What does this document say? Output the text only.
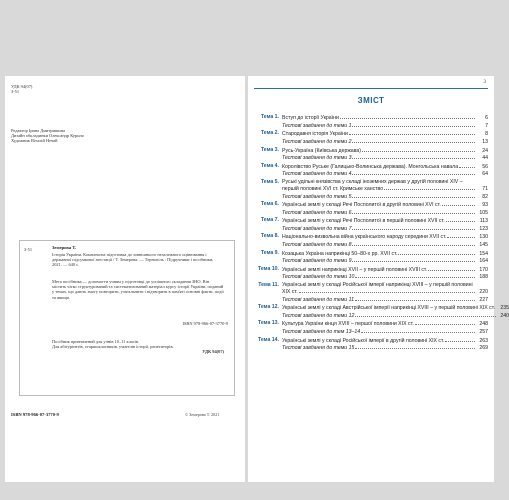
УДК 94(07)
З-51
Редактор Ірина Дмитришина
Дизайн обкладинки Олександр Курило
Художник Віталій Нечай
З-51	Земерова Т.
Історія України. Комплексна підготовка до зовнішнього незалежного оцінювання і державної підсумкової атестації / Т. Земерова. — Тернопіль : Підручники і посібники, 2021. — 640 с.
Мета посібника — допомогти учням у підготовці до успішного складання ЗНО. Він містить чітко структурований та систематизований матеріал курсу історії України, поданий у темах, що дають змогу повторити, узагальнити і відтворити в пам'яті основні факти, події та явища.
ISBN 978-966-07-3770-9
Посібник призначений для учнів 10–11 класів.
Для абітурієнтів, старшокласників, учителів історії, репетиторів.
УДК 94(07)
ISBN 978-966-07-3770-9	© Земерова Т. 2021
3
ЗМІСТ
Тема 1. Вступ до історії України	6
Тестові завдання до теми 1	7
Тема 2. Стародавня історія України	8
Тестові завдання до теми 2	13
Тема 3. Русь-Україна (Київська держава)	24
Тестові завдання до теми 3	44
Тема 4. Королівство Руське (Галицько-Волинська держава). Монгольська навала	56
Тестові завдання до теми 4	64
Тема 5. Руські удільні князівства у складі іноземних держав у другій половині XIV –
першій половині XVI ст. Кримське ханство	71
Тестові завдання до теми 5	82
Тема 6. Українські землі у складі Речі Посполитої в другій половині XVI ст.	93
Тестові завдання до теми 6	105
Тема 7. Українські землі у складі Речі Посполитої в першій половині XVII ст.	113
Тестові завдання до теми 7	123
Тема 8. Національно-визвольна війна українського народу середини XVII ст.	130
Тестові завдання до теми 8	145
Тема 9. Козацька Україна наприкінці 50–80-х рр. XVII ст.	154
Тестові завдання до теми 9	164
Тема 10. Українські землі наприкінці XVII – у першій половині XVIII ст.	170
Тестові завдання до теми 10	188
Тема 11. Українські землі у складі Російської імперії наприкінці XVIII – у першій половині
XIX ст.	220
Тестові завдання до теми 11	227
Тема 12. Українські землі у складі Австрійської імперії наприкінці XVIII – у першій половині XIX ст.	235
Тестові завдання до теми 12	240
Тема 13. Культура України кінця XVIII – першої половини XIX ст.	248
Тестові завдання до тем 13–14	257
Тема 14. Українські землі у складі Російської імперії в другій половині XIX ст.	263
Тестові завдання до теми 15	269
